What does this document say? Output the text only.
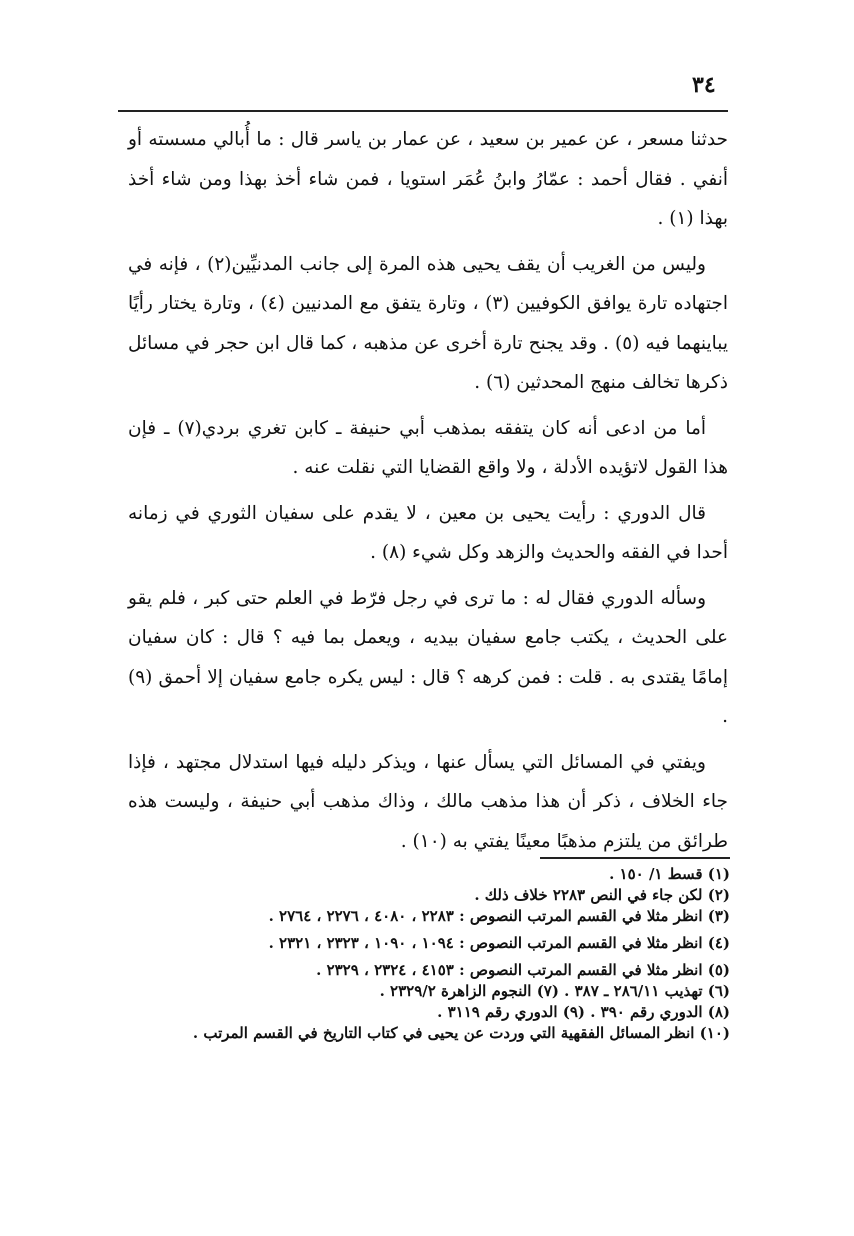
٣٤

حدثنا مسعر ، عن عمير بن سعيد ، عن عمار بن ياسر قال : ما أُبالي مسسته أو أنفي . فقال أحمد : عمّارُ وابنُ عُمَر استويا ، فمن شاء أخذ بهذا ومن شاء أخذ بهذا (١) .

وليس من الغريب أن يقف يحيى هذه المرة إلى جانب المدنيِّين(٢) ، فإنه في اجتهاده تارة يوافق الكوفيين (٣) ، وتارة يتفق مع المدنيين (٤) ، وتارة يختار رأيًا يباينهما فيه (٥) . وقد يجنح تارة أخرى عن مذهبه ، كما قال ابن حجر في مسائل ذكرها تخالف منهج المحدثين (٦) .

أما من ادعى أنه كان يتفقه بمذهب أبي حنيفة ـ كابن تغري بردي(٧) ـ فإن هذا القول لاتؤيده الأدلة ، ولا واقع القضايا التي نقلت عنه .

قال الدوري : رأيت يحيى بن معين ، لا يقدم على سفيان الثوري في زمانه أحدا في الفقه والحديث والزهد وكل شيء (٨) .

وسأله الدوري فقال له : ما ترى في رجل فرّط في العلم حتى كبر ، فلم يقو على الحديث ، يكتب جامع سفيان بيديه ، ويعمل بما فيه ؟ قال : كان سفيان إمامًا يقتدى به . قلت : فمن كرهه ؟ قال : ليس يكره جامع سفيان إلا أحمق (٩) .

ويفتي في المسائل التي يسأل عنها ، ويذكر دليله فيها استدلال مجتهد ، فإذا جاء الخلاف ، ذكر أن هذا مذهب مالك ، وذاك مذهب أبي حنيفة ، وليست هذه طرائق من يلتزم مذهبًا معينًا يفتي به (١٠) .

(١) قسط ١/ ١٥٠ .

(٢) لكن جاء في النص ٢٢٨٣ خلاف ذلك .

(٣) انظر مثلا في القسم المرتب النصوص : ٢٢٨٣ ، ٤٠٨٠ ، ٢٢٧٦ ، ٢٧٦٤ .

(٤) انظر مثلا في القسم المرتب النصوص : ١٠٩٤ ، ١٠٩٠ ، ٢٣٢٣ ، ٢٣٢١ .

(٥) انظر مثلا في القسم المرتب النصوص : ٤١٥٣ ، ٢٣٢٤ ، ٢٣٢٩ .

(٦) تهذيب ٢٨٦/١١ ـ ٣٨٧ . (٧) النجوم الزاهرة ٢٣٢٩/٢ .

(٨) الدوري رقم ٣٩٠ . (٩) الدوري رقم ٣١١٩ .

(١٠) انظر المسائل الفقهية التي وردت عن يحيى في كتاب التاريخ في القسم المرتب .
